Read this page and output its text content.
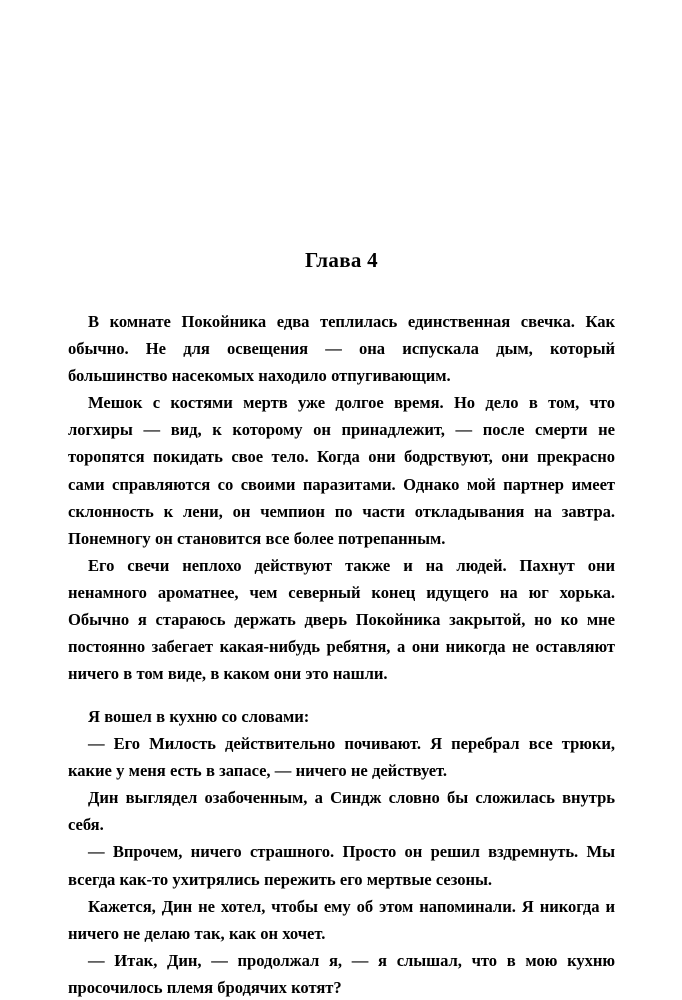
Глава 4

В комнате Покойника едва теплилась единственная свечка. Как обычно. Не для освещения — она испускала дым, который большинство насекомых находило отпугивающим.

Мешок с костями мертв уже долгое время. Но дело в том, что логхиры — вид, к которому он принадлежит, — после смерти не торопятся покидать свое тело. Когда они бодрствуют, они прекрасно сами справляются со своими паразитами. Однако мой партнер имеет склонность к лени, он чемпион по части откладывания на завтра. Понемногу он становится все более потрепанным.

Его свечи неплохо действуют также и на людей. Пахнут они ненамного ароматнее, чем северный конец идущего на юг хорька. Обычно я стараюсь держать дверь Покойника закрытой, но ко мне постоянно забегает какая-нибудь ребятня, а они никогда не оставляют ничего в том виде, в каком они это нашли.

Я вошел в кухню со словами:

— Его Милость действительно почивают. Я перебрал все трюки, какие у меня есть в запасе, — ничего не действует.

Дин выглядел озабоченным, а Синдж словно бы сложилась внутрь себя.

— Впрочем, ничего страшного. Просто он решил вздремнуть. Мы всегда как-то ухитрялись пережить его мертвые сезоны.

Кажется, Дин не хотел, чтобы ему об этом напоминали. Я никогда и ничего не делаю так, как он хочет.

— Итак, Дин, — продолжал я, — я слышал, что в мою кухню просочилось племя бродячих котят?
